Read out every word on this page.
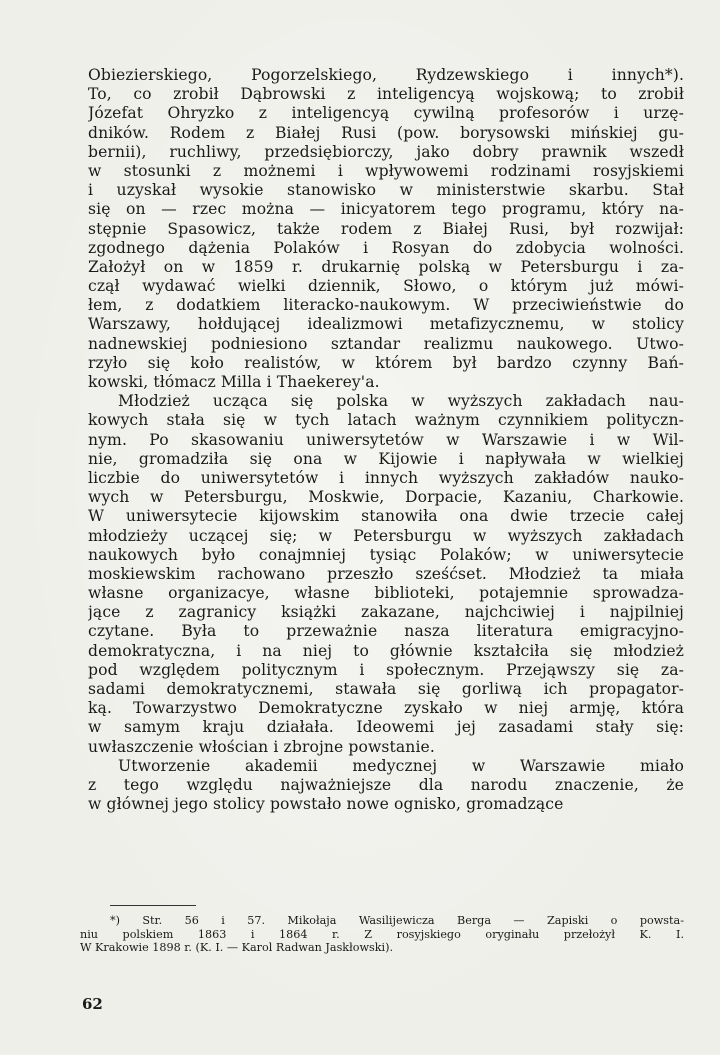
Obiezierskiego, Pogorzelskiego, Rydzewskiego i innych*).
To, co zrobił Dąbrowski z inteligencyą wojskową; to zrobił
Józefat Ohryzko z inteligencyą cywilną profesorów i urzę-
dników. Rodem z Białej Rusi (pow. borysowski mińskiej gu-
bernii), ruchliwy, przedsiębiorczy, jako dobry prawnik wszedł
w stosunki z możnemi i wpływowemi rodzinami rosyjskiemi
i uzyskał wysokie stanowisko w ministerstwie skarbu. Stał
się on — rzec można — inicyatorem tego programu, który na-
stępnie Spasowicz, także rodem z Białej Rusi, był rozwijał:
zgodnego dążenia Polaków i Rosyan do zdobycia wolności.
Założył on w 1859 r. drukarnię polską w Petersburgu i za-
czął wydawać wielki dziennik, Słowo, o którym już mówi-
łem, z dodatkiem literacko-naukowym. W przeciwieństwie do
Warszawy, hołdującej idealizmowi metafizycznemu, w stolicy
nadnewskiej podniesiono sztandar realizmu naukowego. Utwo-
rzyło się koło realistów, w którem był bardzo czynny Bań-
kowski, tłómacz Milla i Thaekerey'a.
Młodzież ucząca się polska w wyższych zakładach nau-
kowych stała się w tych latach ważnym czynnikiem polityczn-
nym. Po skasowaniu uniwersytetów w Warszawie i w Wil-
nie, gromadziła się ona w Kijowie i napływała w wielkiej
liczbie do uniwersytetów i innych wyższych zakładów nauko-
wych w Petersburgu, Moskwie, Dorpacie, Kazaniu, Charkowie.
W uniwersytecie kijowskim stanowiła ona dwie trzecie całej
młodzieży uczącej się; w Petersburgu w wyższych zakładach
naukowych było conajmniej tysiąc Polaków; w uniwersytecie
moskiewskim rachowano przeszło sześćset. Młodzież ta miała
własne organizacye, własne biblioteki, potajemnie sprowadza-
jące z zagranicy książki zakazane, najchciwiej i najpilniej
czytane. Była to przeważnie nasza literatura emigracyjno-
demokratyczna, i na niej to głównie kształciła się młodzież
pod względem politycznym i społecznym. Przejąwszy się za-
sadami demokratycznemi, stawała się gorliwą ich propagator-
ką. Towarzystwo Demokratyczne zyskało w niej armję, która
w samym kraju działała. Ideowemi jej zasadami stały się:
uwłaszczenie włościan i zbrojne powstanie.
Utworzenie akademii medycznej w Warszawie miało
z tego względu najważniejsze dla narodu znaczenie, że
w głównej jego stolicy powstało nowe ognisko, gromadzące
*) Str. 56 i 57. Mikołaja Wasilijewicza Berga — Zapiski o powsta-
niu polskiem 1863 i 1864 r. Z rosyjskiego oryginału przełożył K. I.
W Krakowie 1898 r. (K. I. — Karol Radwan Jaskłowski).
62
